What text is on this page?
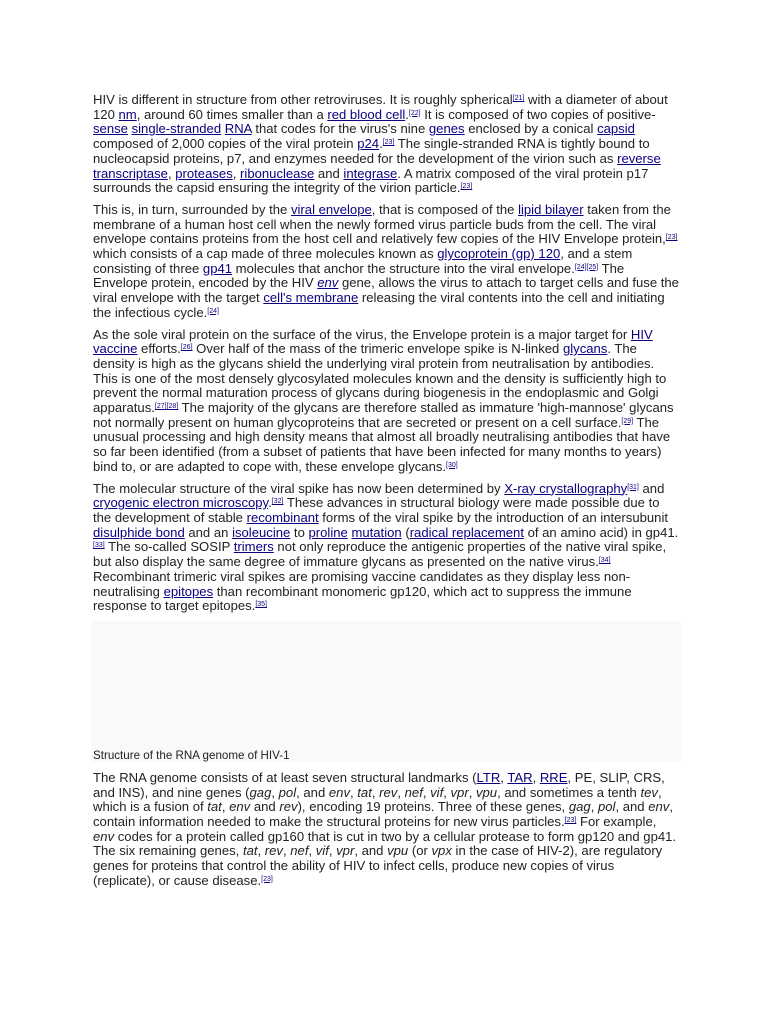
HIV is different in structure from other retroviruses. It is roughly spherical[21] with a diameter of about 120 nm, around 60 times smaller than a red blood cell.[22] It is composed of two copies of positive-sense single-stranded RNA that codes for the virus's nine genes enclosed by a conical capsid composed of 2,000 copies of the viral protein p24.[23] The single-stranded RNA is tightly bound to nucleocapsid proteins, p7, and enzymes needed for the development of the virion such as reverse transcriptase, proteases, ribonuclease and integrase. A matrix composed of the viral protein p17 surrounds the capsid ensuring the integrity of the virion particle.[23]

This is, in turn, surrounded by the viral envelope, that is composed of the lipid bilayer taken from the membrane of a human host cell when the newly formed virus particle buds from the cell. The viral envelope contains proteins from the host cell and relatively few copies of the HIV Envelope protein,[23] which consists of a cap made of three molecules known as glycoprotein (gp) 120, and a stem consisting of three gp41 molecules that anchor the structure into the viral envelope.[24][25] The Envelope protein, encoded by the HIV env gene, allows the virus to attach to target cells and fuse the viral envelope with the target cell's membrane releasing the viral contents into the cell and initiating the infectious cycle.[24]

As the sole viral protein on the surface of the virus, the Envelope protein is a major target for HIV vaccine efforts.[26] Over half of the mass of the trimeric envelope spike is N-linked glycans. The density is high as the glycans shield the underlying viral protein from neutralisation by antibodies. This is one of the most densely glycosylated molecules known and the density is sufficiently high to prevent the normal maturation process of glycans during biogenesis in the endoplasmic and Golgi apparatus.[27][28] The majority of the glycans are therefore stalled as immature 'high-mannose' glycans not normally present on human glycoproteins that are secreted or present on a cell surface.[29] The unusual processing and high density means that almost all broadly neutralising antibodies that have so far been identified (from a subset of patients that have been infected for many months to years) bind to, or are adapted to cope with, these envelope glycans.[30]

The molecular structure of the viral spike has now been determined by X-ray crystallography[31] and cryogenic electron microscopy.[32] These advances in structural biology were made possible due to the development of stable recombinant forms of the viral spike by the introduction of an intersubunit disulphide bond and an isoleucine to proline mutation (radical replacement of an amino acid) in gp41.[33] The so-called SOSIP trimers not only reproduce the antigenic properties of the native viral spike, but also display the same degree of immature glycans as presented on the native virus.[34] Recombinant trimeric viral spikes are promising vaccine candidates as they display less non-neutralising epitopes than recombinant monomeric gp120, which act to suppress the immune response to target epitopes.[35]

Structure of the RNA genome of HIV-1

The RNA genome consists of at least seven structural landmarks (LTR, TAR, RRE, PE, SLIP, CRS, and INS), and nine genes (gag, pol, and env, tat, rev, nef, vif, vpr, vpu, and sometimes a tenth tev, which is a fusion of tat, env and rev), encoding 19 proteins. Three of these genes, gag, pol, and env, contain information needed to make the structural proteins for new virus particles.[23] For example, env codes for a protein called gp160 that is cut in two by a cellular protease to form gp120 and gp41. The six remaining genes, tat, rev, nef, vif, vpr, and vpu (or vpx in the case of HIV-2), are regulatory genes for proteins that control the ability of HIV to infect cells, produce new copies of virus (replicate), or cause disease.[23]
